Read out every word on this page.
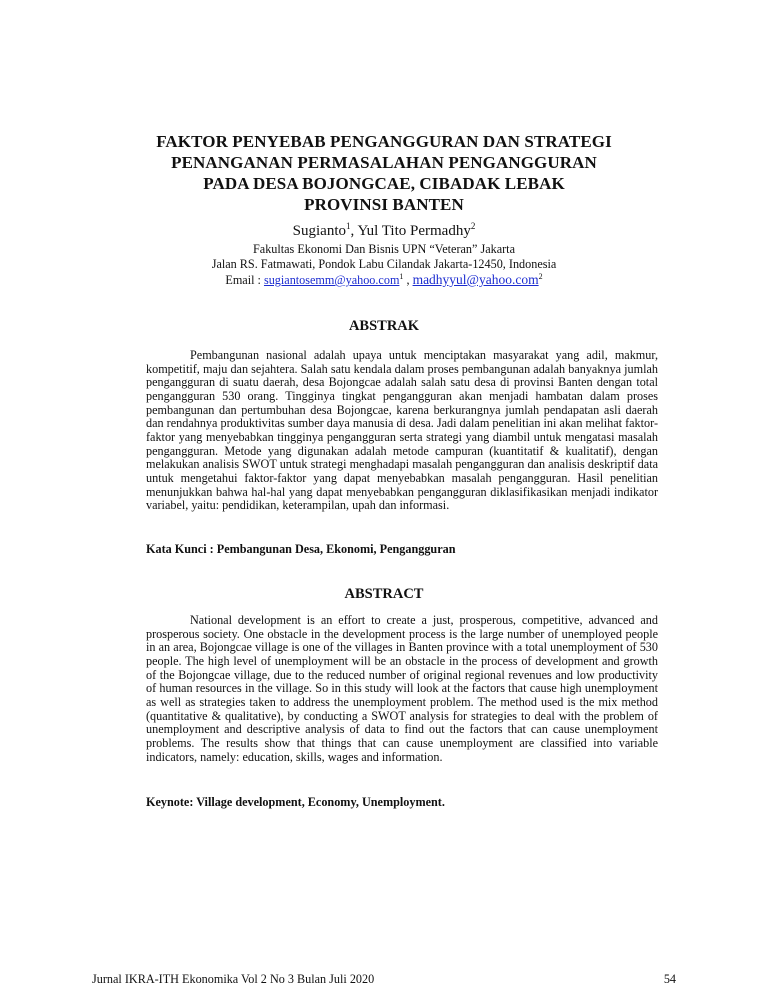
FAKTOR PENYEBAB PENGANGGURAN DAN STRATEGI
PENANGANAN PERMASALAHAN PENGANGGURAN
PADA DESA BOJONGCAE, CIBADAK LEBAK
PROVINSI BANTEN
Sugianto$^1$, Yul Tito Permadhy$^2$
Fakultas Ekonomi Dan Bisnis UPN “Veteran” Jakarta
Jalan RS. Fatmawati, Pondok Labu Cilandak Jakarta-12450, Indonesia
Email : sugiantosemm@yahoo.com$^1$ , madhyyul@yahoo.com$^2$
ABSTRAK
Pembangunan nasional adalah upaya untuk menciptakan masyarakat yang adil, makmur, kompetitif, maju dan sejahtera. Salah satu kendala dalam proses pembangunan adalah banyaknya jumlah pengangguran di suatu daerah, desa Bojongcae adalah salah satu desa di provinsi Banten dengan total pengangguran 530 orang. Tingginya tingkat pengangguran akan menjadi hambatan dalam proses pembangunan dan pertumbuhan desa Bojongcae, karena berkurangnya jumlah pendapatan asli daerah dan rendahnya produktivitas sumber daya manusia di desa. Jadi dalam penelitian ini akan melihat faktor-faktor yang menyebabkan tingginya pengangguran serta strategi yang diambil untuk mengatasi masalah pengangguran. Metode yang digunakan adalah metode campuran (kuantitatif & kualitatif), dengan melakukan analisis SWOT untuk strategi menghadapi masalah pengangguran dan analisis deskriptif data untuk mengetahui faktor-faktor yang dapat menyebabkan masalah pengangguran. Hasil penelitian menunjukkan bahwa hal-hal yang dapat menyebabkan pengangguran diklasifikasikan menjadi indikator variabel, yaitu: pendidikan, keterampilan, upah dan informasi.
Kata Kunci : Pembangunan Desa, Ekonomi, Pengangguran
ABSTRACT
National development is an effort to create a just, prosperous, competitive, advanced and prosperous society. One obstacle in the development process is the large number of unemployed people in an area, Bojongcae village is one of the villages in Banten province with a total unemployment of 530 people. The high level of unemployment will be an obstacle in the process of development and growth of the Bojongcae village, due to the reduced number of original regional revenues and low productivity of human resources in the village. So in this study will look at the factors that cause high unemployment as well as strategies taken to address the unemployment problem. The method used is the mix method (quantitative & qualitative), by conducting a SWOT analysis for strategies to deal with the problem of unemployment and descriptive analysis of data to find out the factors that can cause unemployment problems. The results show that things that can cause unemployment are classified into variable indicators, namely: education, skills, wages and information.
Keynote: Village development, Economy, Unemployment.
Jurnal IKRA-ITH Ekonomika Vol 2 No 3 Bulan Juli 2020	54
